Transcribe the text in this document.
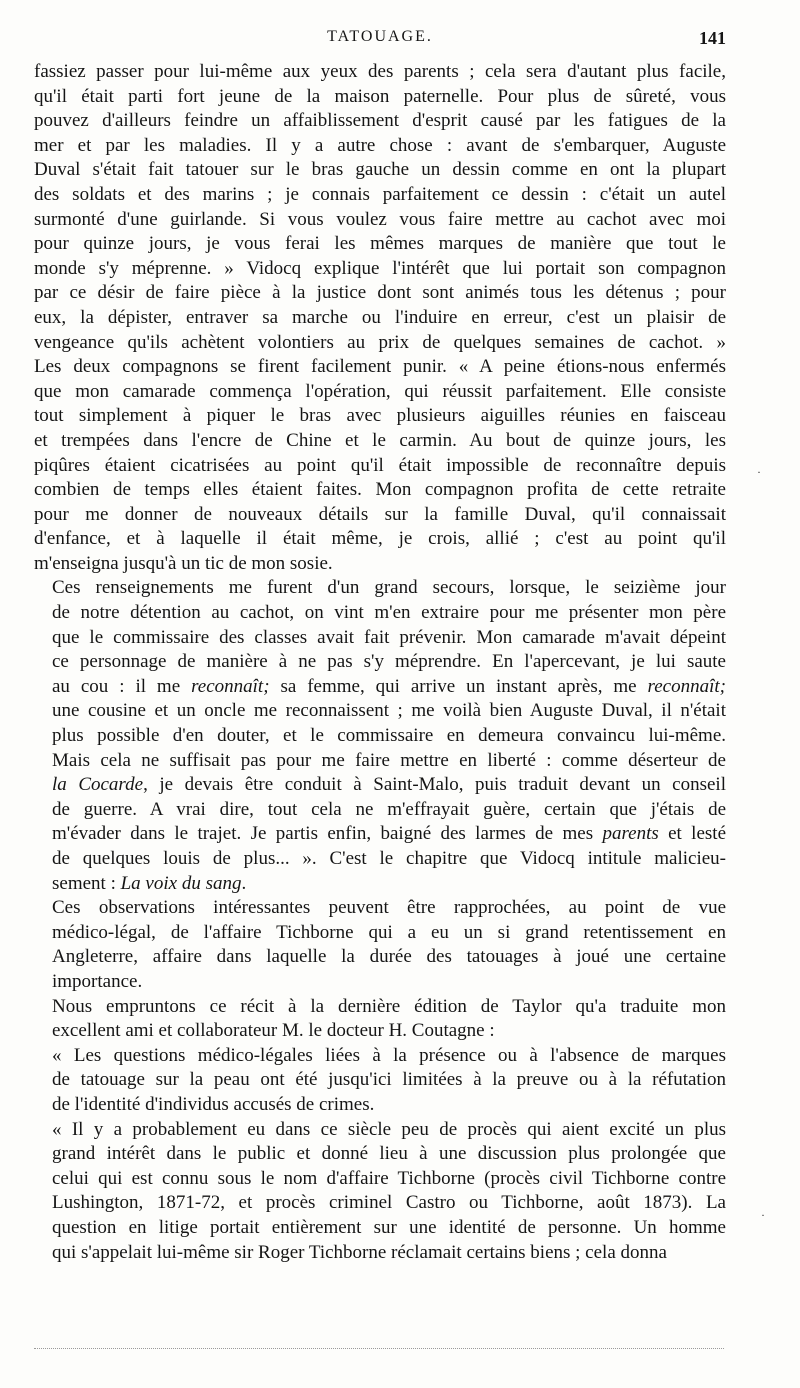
TATOUAGE.	141

fassiez passer pour lui-même aux yeux des parents ; cela sera d'autant plus facile,
qu'il était parti fort jeune de la maison paternelle. Pour plus de sûreté, vous
pouvez d'ailleurs feindre un affaiblissement d'esprit causé par les fatigues de la
mer et par les maladies. Il y a autre chose : avant de s'embarquer, Auguste
Duval s'était fait tatouer sur le bras gauche un dessin comme en ont la plupart
des soldats et des marins ; je connais parfaitement ce dessin : c'était un autel
surmonté d'une guirlande. Si vous voulez vous faire mettre au cachot avec moi
pour quinze jours, je vous ferai les mêmes marques de manière que tout le
monde s'y méprenne. » Vidocq explique l'intérêt que lui portait son compagnon
par ce désir de faire pièce à la justice dont sont animés tous les détenus ; pour
eux, la dépister, entraver sa marche ou l'induire en erreur, c'est un plaisir de
vengeance qu'ils achètent volontiers au prix de quelques semaines de cachot. »
Les deux compagnons se firent facilement punir. « A peine étions-nous enfermés
que mon camarade commença l'opération, qui réussit parfaitement. Elle consiste
tout simplement à piquer le bras avec plusieurs aiguilles réunies en faisceau
et trempées dans l'encre de Chine et le carmin. Au bout de quinze jours, les
piqûres étaient cicatrisées au point qu'il était impossible de reconnaître depuis
combien de temps elles étaient faites. Mon compagnon profita de cette retraite
pour me donner de nouveaux détails sur la famille Duval, qu'il connaissait
d'enfance, et à laquelle il était même, je crois, allié ; c'est au point qu'il
m'enseigna jusqu'à un tic de mon sosie.

Ces renseignements me furent d'un grand secours, lorsque, le seizième jour
de notre détention au cachot, on vint m'en extraire pour me présenter mon père
que le commissaire des classes avait fait prévenir. Mon camarade m'avait dépeint
ce personnage de manière à ne pas s'y méprendre. En l'apercevant, je lui saute
au cou : il me reconnaît; sa femme, qui arrive un instant après, me reconnaît;
une cousine et un oncle me reconnaissent ; me voilà bien Auguste Duval, il n'était
plus possible d'en douter, et le commissaire en demeura convaincu lui-même.
Mais cela ne suffisait pas pour me faire mettre en liberté : comme déserteur de
la Cocarde, je devais être conduit à Saint-Malo, puis traduit devant un conseil
de guerre. A vrai dire, tout cela ne m'effrayait guère, certain que j'étais de
m'évader dans le trajet. Je partis enfin, baigné des larmes de mes parents et lesté
de quelques louis de plus... ». C'est le chapitre que Vidocq intitule malicieu-
sement : La voix du sang.

Ces observations intéressantes peuvent être rapprochées, au point de vue
médico-légal, de l'affaire Tichborne qui a eu un si grand retentissement en
Angleterre, affaire dans laquelle la durée des tatouages à joué une certaine
importance.

Nous empruntons ce récit à la dernière édition de Taylor qu'a traduite mon
excellent ami et collaborateur M. le docteur H. Coutagne :

« Les questions médico-légales liées à la présence ou à l'absence de marques
de tatouage sur la peau ont été jusqu'ici limitées à la preuve ou à la réfutation
de l'identité d'individus accusés de crimes.

« Il y a probablement eu dans ce siècle peu de procès qui aient excité un plus
grand intérêt dans le public et donné lieu à une discussion plus prolongée que
celui qui est connu sous le nom d'affaire Tichborne (procès civil Tichborne contre
Lushington, 1871-72, et procès criminel Castro ou Tichborne, août 1873). La
question en litige portait entièrement sur une identité de personne. Un homme
qui s'appelait lui-même sir Roger Tichborne réclamait certains biens ; cela donna

·
·
